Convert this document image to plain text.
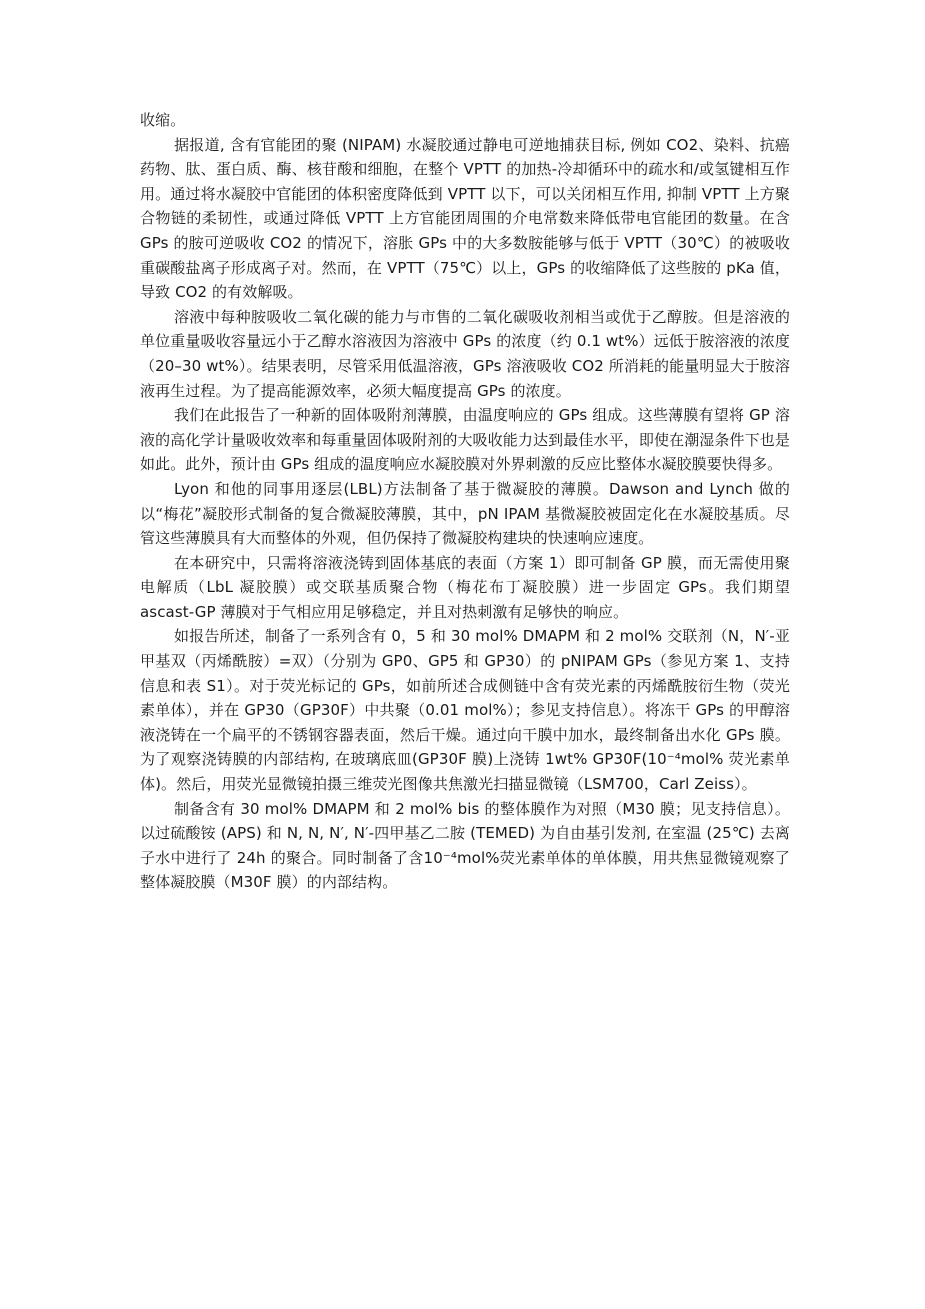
收缩。

据报道, 含有官能团的聚 (NIPAM) 水凝胶通过静电可逆地捕获目标, 例如 CO2、染料、抗癌药物、肽、蛋白质、酶、核苷酸和细胞，在整个 VPTT 的加热-冷却循环中的疏水和/或氢键相互作用。通过将水凝胶中官能团的体积密度降低到 VPTT 以下，可以关闭相互作用, 抑制 VPTT 上方聚合物链的柔韧性，或通过降低 VPTT 上方官能团周围的介电常数来降低带电官能团的数量。在含 GPs 的胺可逆吸收 CO2 的情况下，溶胀 GPs 中的大多数胺能够与低于 VPTT（30℃）的被吸收重碳酸盐离子形成离子对。然而，在 VPTT（75℃）以上，GPs 的收缩降低了这些胺的 pKa 值，导致 CO2 的有效解吸。

溶液中每种胺吸收二氧化碳的能力与市售的二氧化碳吸收剂相当或优于乙醇胺。但是溶液的单位重量吸收容量远小于乙醇水溶液因为溶液中 GPs 的浓度（约 0.1 wt%）远低于胺溶液的浓度（20–30 wt%）。结果表明，尽管采用低温溶液，GPs 溶液吸收 CO2 所消耗的能量明显大于胺溶液再生过程。为了提高能源效率，必须大幅度提高 GPs 的浓度。

我们在此报告了一种新的固体吸附剂薄膜，由温度响应的 GPs 组成。这些薄膜有望将 GP 溶液的高化学计量吸收效率和每重量固体吸附剂的大吸收能力达到最佳水平，即使在潮湿条件下也是如此。此外，预计由 GPs 组成的温度响应水凝胶膜对外界刺激的反应比整体水凝胶膜要快得多。

Lyon 和他的同事用逐层(LBL)方法制备了基于微凝胶的薄膜。Dawson and Lynch 做的以“梅花”凝胶形式制备的复合微凝胶薄膜，其中，pN IPAM 基微凝胶被固定化在水凝胶基质。尽管这些薄膜具有大而整体的外观，但仍保持了微凝胶构建块的快速响应速度。

在本研究中，只需将溶液浇铸到固体基底的表面（方案 1）即可制备 GP 膜，而无需使用聚电解质（LbL 凝胶膜）或交联基质聚合物（梅花布丁凝胶膜）进一步固定 GPs。我们期望 ascast-GP 薄膜对于气相应用足够稳定，并且对热刺激有足够快的响应。

如报告所述，制备了一系列含有 0，5 和 30 mol% DMAPM 和 2 mol% 交联剂（N，N′-亚甲基双（丙烯酰胺）=双）（分别为 GP0、GP5 和 GP30）的 pNIPAM GPs（参见方案 1、支持信息和表 S1）。对于荧光标记的 GPs，如前所述合成侧链中含有荧光素的丙烯酰胺衍生物（荧光素单体），并在 GP30（GP30F）中共聚（0.01 mol%）；参见支持信息）。将冻干 GPs 的甲醇溶液浇铸在一个扁平的不锈钢容器表面，然后干燥。通过向干膜中加水，最终制备出水化 GPs 膜。为了观察浇铸膜的内部结构, 在玻璃底皿(GP30F 膜)上浇铸 1wt% GP30F(10⁻⁴mol% 荧光素单体)。然后，用荧光显微镜拍摄三维荧光图像共焦激光扫描显微镜（LSM700，Carl Zeiss）。

制备含有 30 mol% DMAPM 和 2 mol% bis 的整体膜作为对照（M30 膜；见支持信息）。以过硫酸铵 (APS) 和 N, N, N′, N′-四甲基乙二胺 (TEMED) 为自由基引发剂, 在室温 (25℃) 去离子水中进行了 24h 的聚合。同时制备了含10⁻⁴mol%荧光素单体的单体膜，用共焦显微镜观察了整体凝胶膜（M30F 膜）的内部结构。
